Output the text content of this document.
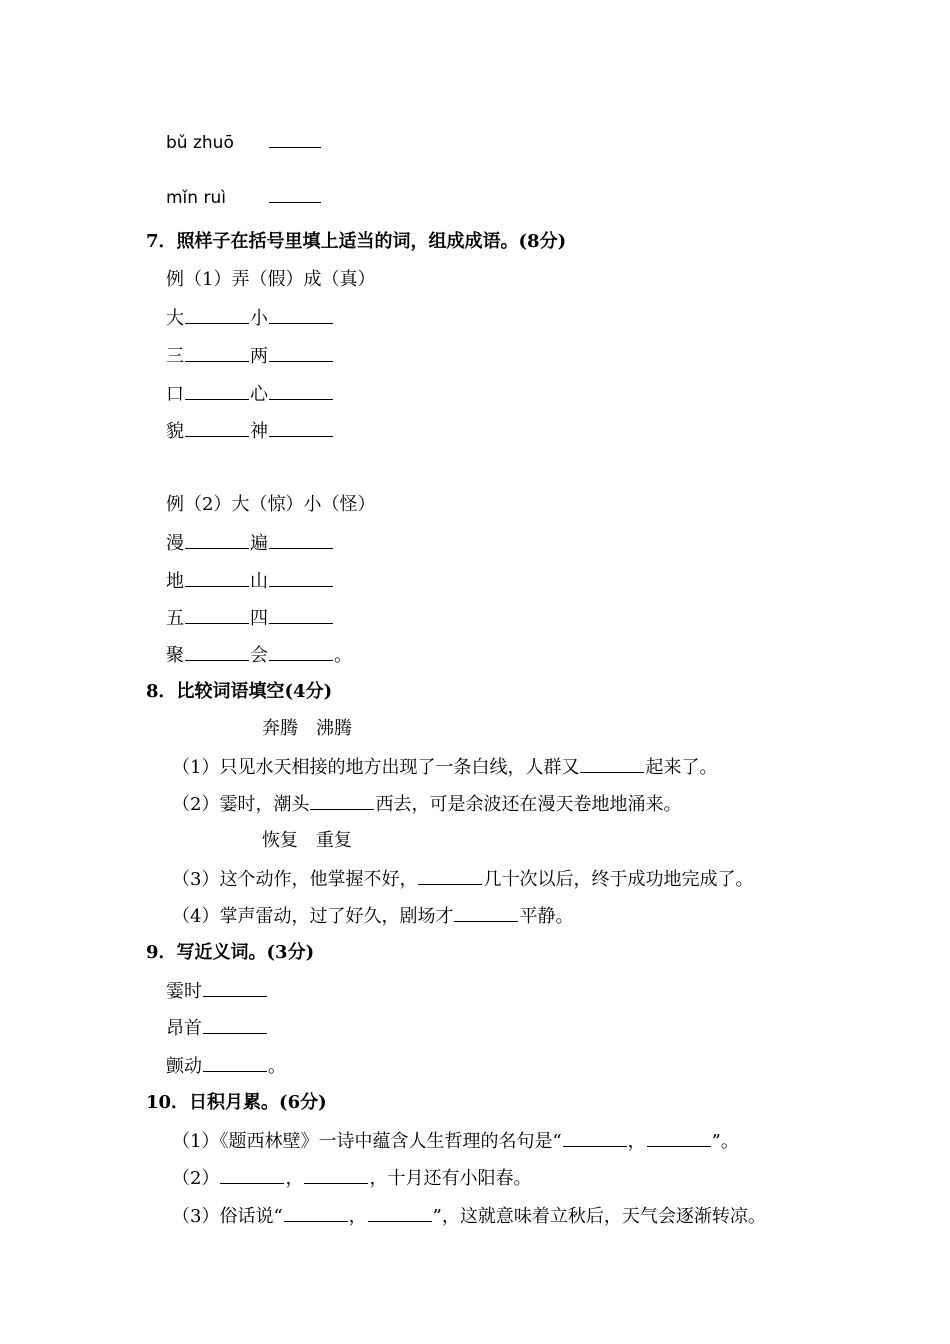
bǔ zhuō
mǐn ruì
7．照样子在括号里填上适当的词，组成成语。(8分)
例（1）弄（假）成（真）
大	小
三	两
口	心
貌	神
例（2）大（惊）小（怪）
漫	遍
地	山
五	四
聚	会	。
8．比较词语填空(4分)
奔腾　沸腾
（1）只见水天相接的地方出现了一条白线，人群又	起来了。
（2）霎时，潮头	西去，可是余波还在漫天卷地地涌来。
恢复　重复
（3）这个动作，他掌握不好，	几十次以后，终于成功地完成了。
（4）掌声雷动，过了好久，剧场才	平静。
9．写近义词。(3分)
霎时
昂首
颤动	。
10．日积月累。(6分)
（1）《题西林壁》一诗中蕴含人生哲理的名句是“	，	”。
（2）	，	，十月还有小阳春。
（3）俗话说“	，	”，这就意味着立秋后，天气会逐渐转凉。
